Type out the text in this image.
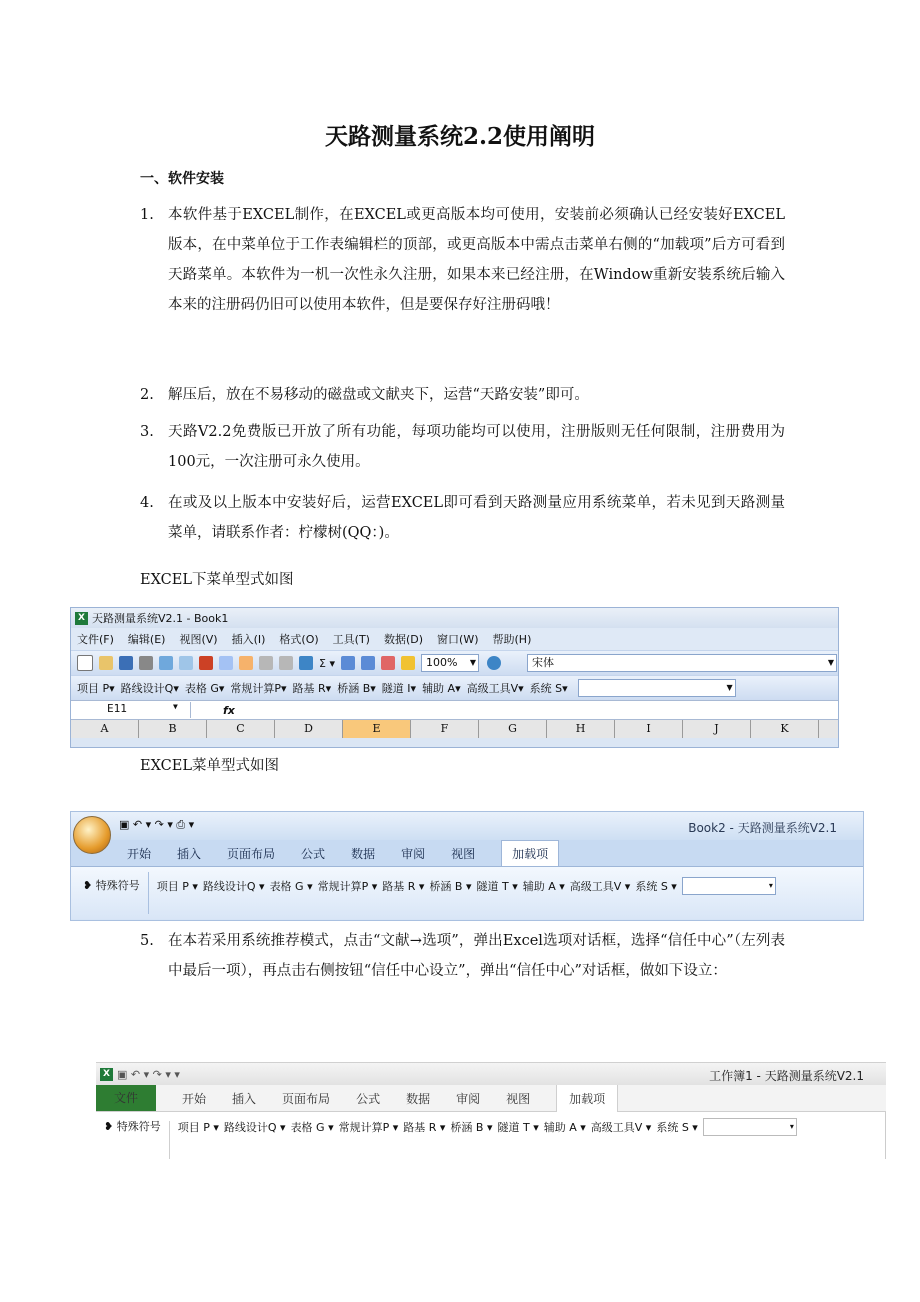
天路测量系统2.2使用阐明
一、软件安装
1. 本软件基于EXCEL制作，在EXCEL或更高版本均可使用，安装前必须确认已经安装好EXCEL版本，在中菜单位于工作表编辑栏的顶部，或更高版本中需点击菜单右侧的“加载项”后方可看到天路菜单。本软件为一机一次性永久注册，如果本来已经注册，在Window重新安装系统后输入本来的注册码仍旧可以使用本软件，但是要保存好注册码哦！
2. 解压后，放在不易移动的磁盘或文献夹下，运营“天路安装”即可。
3. 天路V2.2免费版已开放了所有功能，每项功能均可以使用，注册版则无任何限制，注册费用为100元，一次注册可永久使用。
4. 在或及以上版本中安装好后，运营EXCEL即可看到天路测量应用系统菜单，若未见到天路测量菜单，请联系作者：柠檬树(QQ：)。
EXCEL下菜单型式如图
X 天路测量系统V2.1 - Book1
文件(F) 编辑(E) 视图(V) 插入(I) 格式(O) 工具(T) 数据(D) 窗口(W) 帮助(H)
Σ ▾	100% ▼	宋体	▼
项目 P▾ 路线设计Q▾ 表格 G▾ 常规计算P▾ 路基 R▾ 桥涵 B▾ 隧道 I▾ 辅助 A▾ 高级工具V▾ 系统 S▾	▼
E11	▼	fx
A	B	C	D	E	F	G	H	I	J	K
EXCEL菜单型式如图
▣ ↶ ▾ ↷ ▾ ⎙ ▾	Book2 - 天路测量系统V2.1
开始 插入 页面布局 公式 数据 审阅 视图	加载项
❥ 特殊符号 项目 P ▾ 路线设计Q ▾ 表格 G ▾ 常规计算P ▾ 路基 R ▾ 桥涵 B ▾ 隧道 T ▾ 辅助 A ▾ 高级工具V ▾ 系统 S ▾	▾
5. 在本若采用系统推荐模式，点击“文献→选项”，弹出Excel选项对话框，选择“信任中心”（左列表中最后一项），再点击右侧按钮“信任中心设立”，弹出“信任中心”对话框，做如下设立：
X ▣ ↶ ▾ ↷ ▾ ▾	工作簿1 - 天路测量系统V2.1
文件	开始 插入 页面布局 公式 数据 审阅 视图	加载项
❥ 特殊符号 项目 P ▾ 路线设计Q ▾ 表格 G ▾ 常规计算P ▾ 路基 R ▾ 桥涵 B ▾ 隧道 T ▾ 辅助 A ▾ 高级工具V ▾ 系统 S ▾	▾
